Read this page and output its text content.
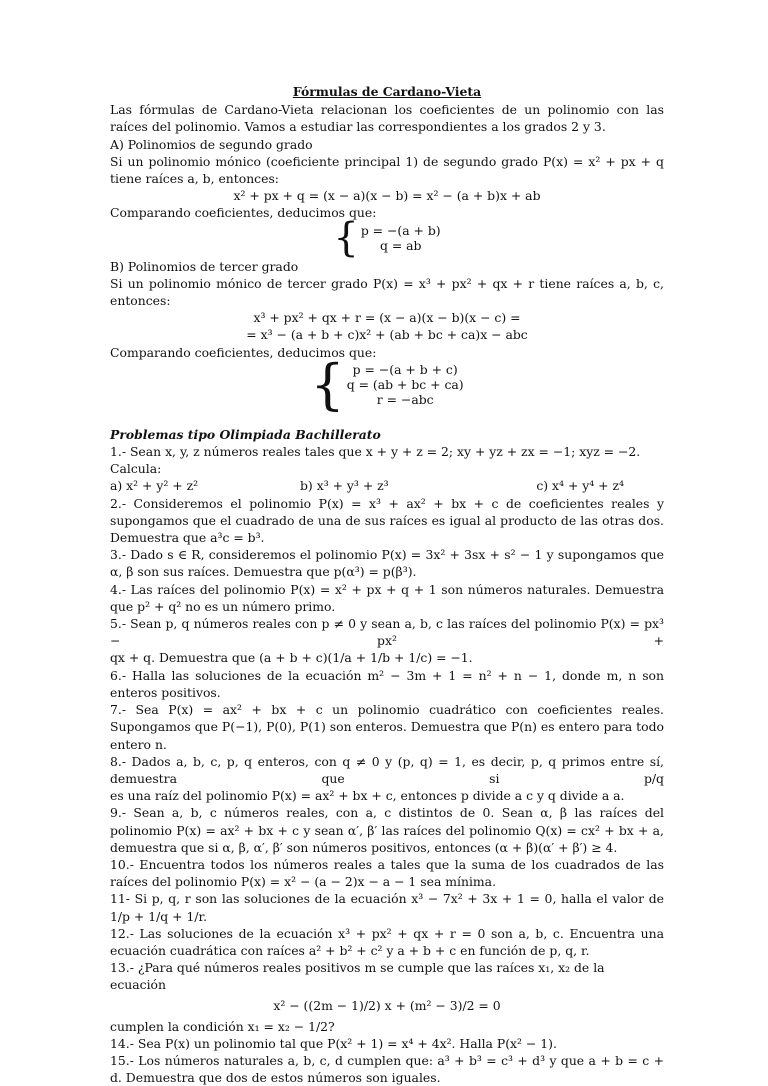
Fórmulas de Cardano-Vieta
Las fórmulas de Cardano-Vieta relacionan los coeficientes de un polinomio con las raíces del polinomio. Vamos a estudiar las correspondientes a los grados 2 y 3.
A) Polinomios de segundo grado
Si un polinomio mónico (coeficiente principal 1) de segundo grado P(x) = x² + px + q tiene raíces a, b, entonces:
x² + px + q = (x − a)(x − b) = x² − (a + b)x + ab
Comparando coeficientes, deducimos que:
{ p = −(a + b)
q = ab
B) Polinomios de tercer grado
Si un polinomio mónico de tercer grado P(x) = x³ + px² + qx + r tiene raíces a, b, c, entonces:
x³ + px² + qx + r = (x − a)(x − b)(x − c) =
= x³ − (a + b + c)x² + (ab + bc + ca)x − abc
Comparando coeficientes, deducimos que:
{ p = −(a + b + c)
q = (ab + bc + ca)
r = −abc
Problemas tipo Olimpiada Bachillerato
1.- Sean x, y, z números reales tales que x + y + z = 2; xy + yz + zx = −1; xyz = −2. Calcula:
a) x² + y² + z²	b) x³ + y³ + z³	c) x⁴ + y⁴ + z⁴
2.- Consideremos el polinomio P(x) = x³ + ax² + bx + c de coeficientes reales y supongamos que el cuadrado de una de sus raíces es igual al producto de las otras dos. Demuestra que a³c = b³.
3.- Dado s ∈ R, consideremos el polinomio P(x) = 3x² + 3sx + s² − 1 y supongamos que α, β son sus raíces. Demuestra que p(α³) = p(β³).
4.- Las raíces del polinomio P(x) = x² + px + q + 1 son números naturales. Demuestra que p² + q² no es un número primo.
5.- Sean p, q números reales con p ≠ 0 y sean a, b, c las raíces del polinomio P(x) = px³ − px² +
qx + q. Demuestra que (a + b + c)(1/a + 1/b + 1/c) = −1.
6.- Halla las soluciones de la ecuación m² − 3m + 1 = n² + n − 1, donde m, n son enteros positivos.
7.- Sea P(x) = ax² + bx + c un polinomio cuadrático con coeficientes reales. Supongamos que P(−1), P(0), P(1) son enteros. Demuestra que P(n) es entero para todo entero n.
8.- Dados a, b, c, p, q enteros, con q ≠ 0 y (p, q) = 1, es decir, p, q primos entre sí, demuestra que si p/q
es una raíz del polinomio P(x) = ax² + bx + c, entonces p divide a c y q divide a a.
9.- Sean a, b, c números reales, con a, c distintos de 0. Sean α, β las raíces del polinomio P(x) = ax² + bx + c y sean α′, β′ las raíces del polinomio Q(x) = cx² + bx + a, demuestra que si α, β, α′, β′ son números positivos, entonces (α + β)(α′ + β′) ≥ 4.
10.- Encuentra todos los números reales a tales que la suma de los cuadrados de las raíces del polinomio P(x) = x² − (a − 2)x − a − 1 sea mínima.
11- Si p, q, r son las soluciones de la ecuación x³ − 7x² + 3x + 1 = 0, halla el valor de 1/p + 1/q + 1/r.
12.- Las soluciones de la ecuación x³ + px² + qx + r = 0 son a, b, c. Encuentra una ecuación cuadrática con raíces a² + b² + c² y a + b + c en función de p, q, r.
13.- ¿Para qué números reales positivos m se cumple que las raíces x₁, x₂ de la ecuación
x² − ((2m − 1)/2) x + (m² − 3)/2 = 0
cumplen la condición x₁ = x₂ − 1/2?
14.- Sea P(x) un polinomio tal que P(x² + 1) = x⁴ + 4x². Halla P(x² − 1).
15.- Los números naturales a, b, c, d cumplen que: a³ + b³ = c³ + d³ y que a + b = c + d. Demuestra que dos de estos números son iguales.
